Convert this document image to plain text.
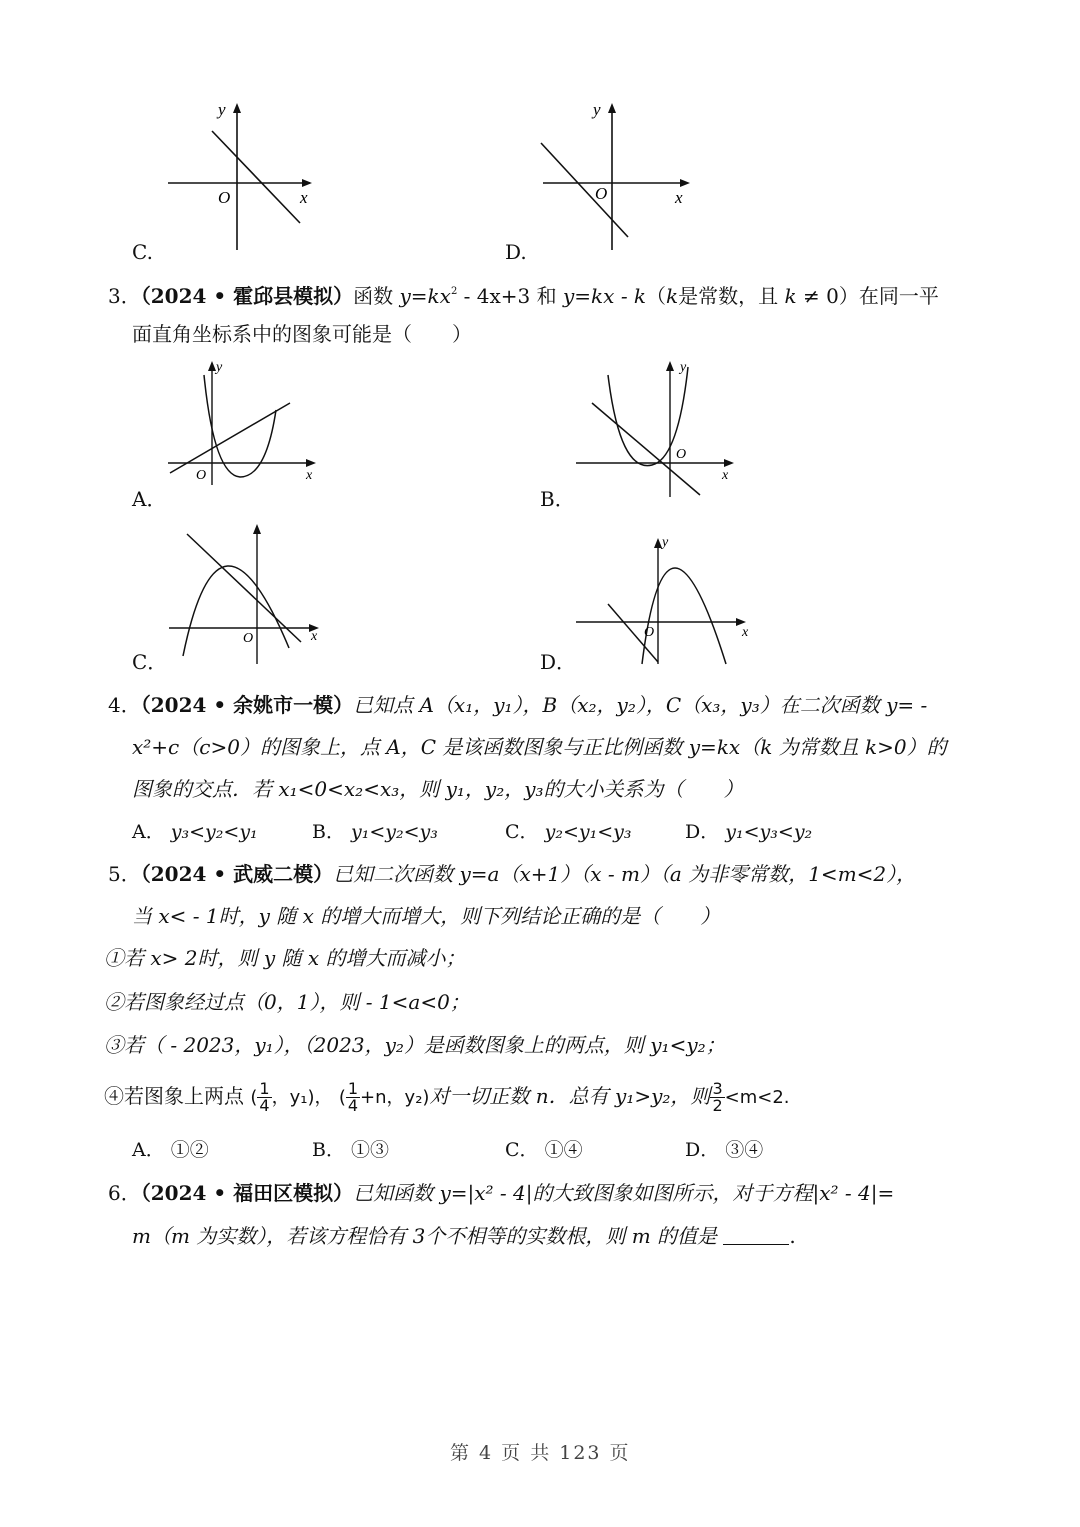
y
x
O
C.
y
x
O
D.
3．（2024 • 霍邱县模拟）函数 $y=kx^2 - 4x+3$ 和 y=kx - k（k是常数，且 k ≠ 0）在同一平
面直角坐标系中的图象可能是（　　）
y
x
O
A．
y
x
O
B．
x
O
C．
y
x
O
D．
4．（2024 • 余姚市一模）已知点 A（x₁，y₁），B（x₂，y₂），C（x₃，y₃）在二次函数 y= -
x²+c（c>0）的图象上，点 A，C 是该函数图象与正比例函数 y=kx（k 为常数且 k>0）的
图象的交点．若 x₁<0<x₂<x₃，则 y₁，y₂，y₃的大小关系为（　　）
A． y₃<y₂<y₁	B． y₁<y₂<y₃	C． y₂<y₁<y₃	D． y₁<y₃<y₂
5．（2024 • 武威二模）已知二次函数 y=a（x+1）（x - m）（a 为非零常数，1<m<2），
当 x< - 1时，y 随 x 的增大而增大，则下列结论正确的是（　　）
①若 x> 2时，则 y 随 x 的增大而减小；
②若图象经过点（0，1），则 - 1<a<0；
③若（ - 2023，y₁），（2023，y₂）是函数图象上的两点，则 y₁<y₂；
④若图象上两点 ( $\frac{1}{4}$ ，y₁)， ( $\frac{1}{4} +n$，y₂)对一切正数 n．总有 y₁>y₂，则 $\frac{3}{2} <m<2$.
A． ①②	B． ①③	C． ①④	D． ③④
6．（2024 • 福田区模拟）已知函数 y=|x² - 4|的大致图象如图所示，对于方程|x² - 4|=
m（m 为实数），若该方程恰有 3个不相等的实数根，则 m 的值是	.
第 4 页 共 123 页
